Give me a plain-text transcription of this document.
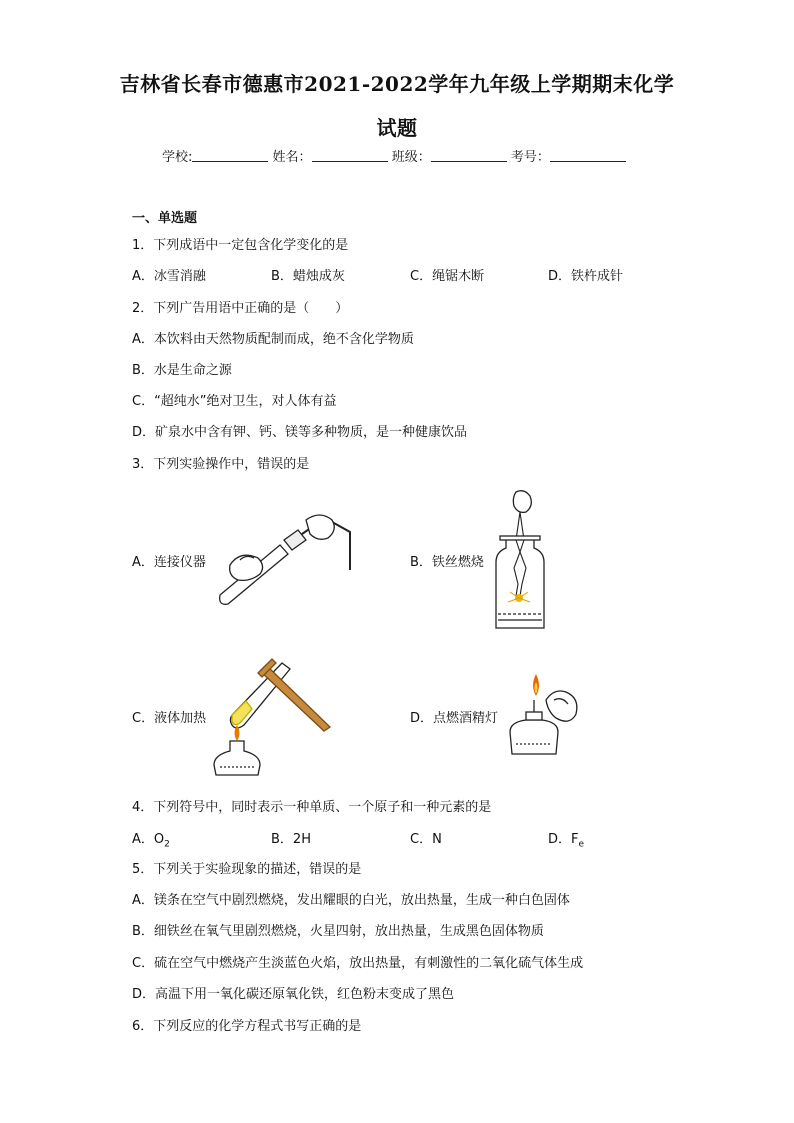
吉林省长春市德惠市2021-2022学年九年级上学期期末化学
试题
学校:	姓名：	班级：	考号：
一、单选题
1．下列成语中一定包含化学变化的是
A．冰雪消融	B．蜡烛成灰	C．绳锯木断	D．铁杵成针
2．下列广告用语中正确的是（　　）
A．本饮料由天然物质配制而成，绝不含化学物质
B．水是生命之源
C．“超纯水”绝对卫生，对人体有益
D．矿泉水中含有钾、钙、镁等多种物质，是一种健康饮品
3．下列实验操作中，错误的是
A．连接仪器	B．铁丝燃烧
C．液体加热	D．点燃酒精灯
4．下列符号中，同时表示一种单质、一个原子和一种元素的是
A．$O_2$	B．2H	C．N	D．$F_e$
5．下列关于实验现象的描述，错误的是
A．镁条在空气中剧烈燃烧，发出耀眼的白光，放出热量，生成一种白色固体
B．细铁丝在氧气里剧烈燃烧，火星四射，放出热量，生成黑色固体物质
C．硫在空气中燃烧产生淡蓝色火焰，放出热量，有刺激性的二氧化硫气体生成
D．高温下用一氧化碳还原氧化铁，红色粉末变成了黑色
6．下列反应的化学方程式书写正确的是
